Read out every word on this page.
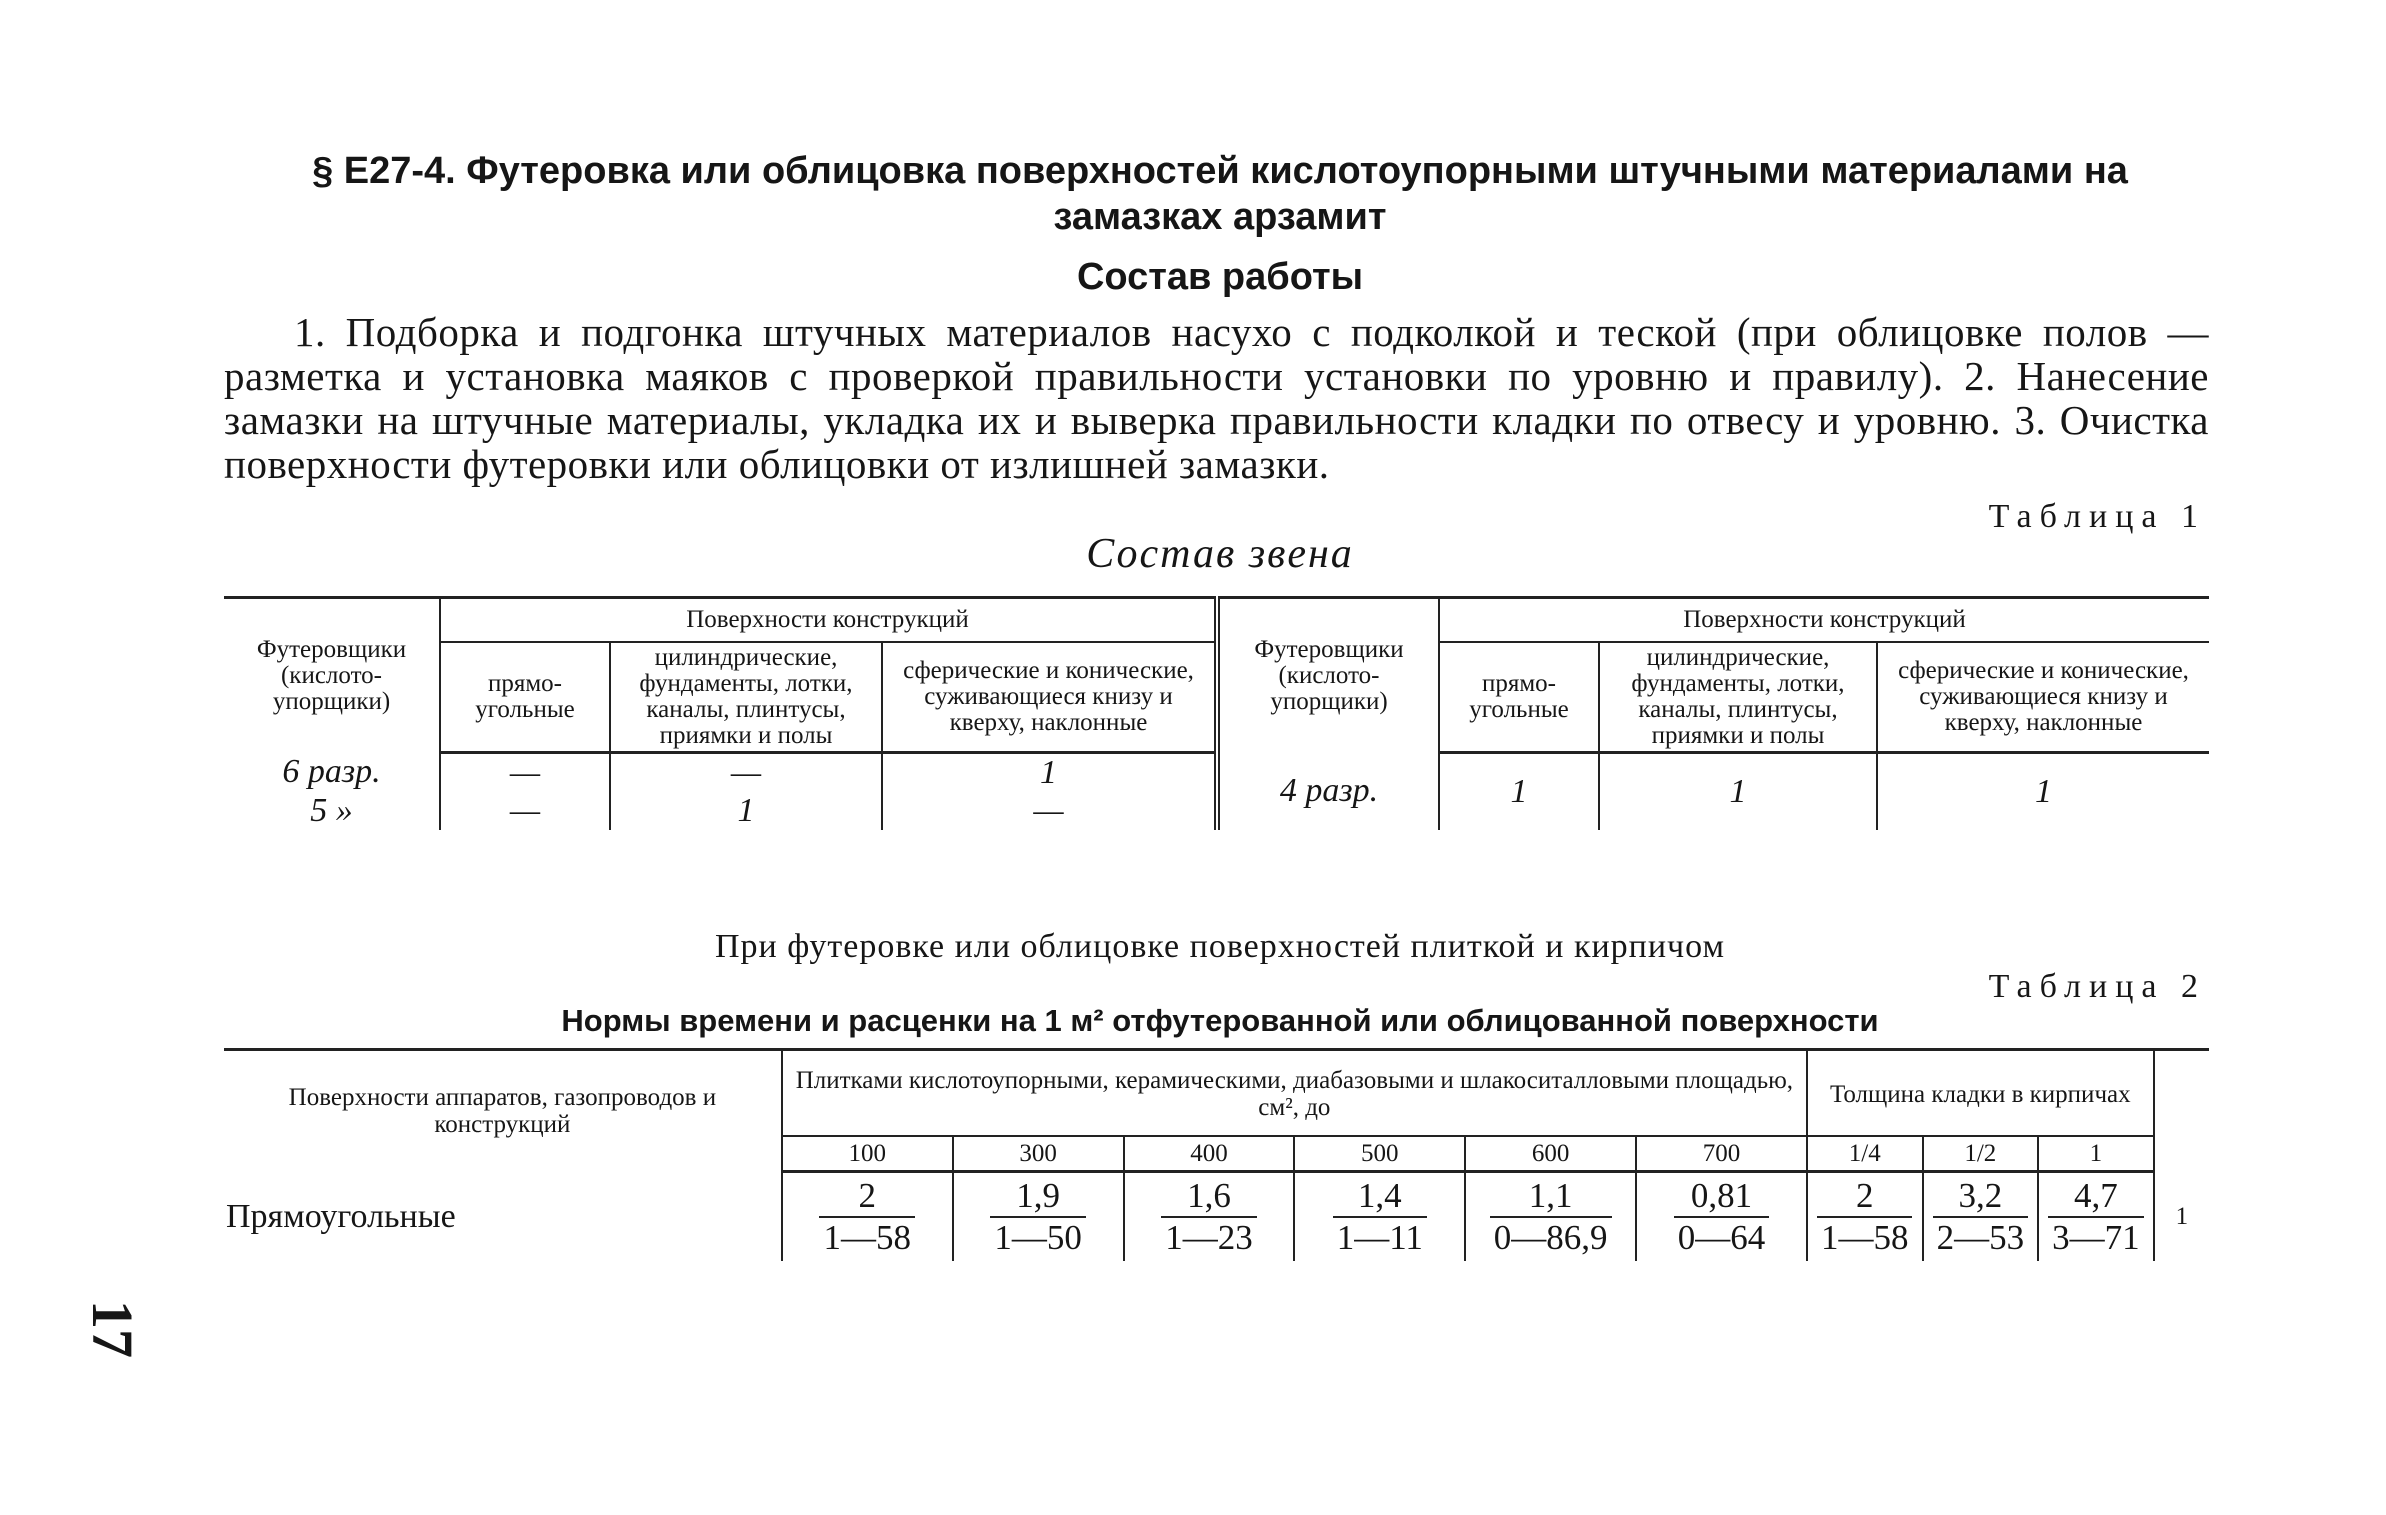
§ Е27-4. Футеровка или облицовка поверхностей кислотоупорными штучными материалами на
замазках арзамит
Состав работы
1. Подборка и подгонка штучных материалов насухо с подколкой и теской (при облицовке полов — разметка и установка маяков с проверкой правильности установки по уровню и правилу). 2. Нанесение замазки на штучные материалы, укладка их и выверка правильности кладки по отвесу и уровню. 3. Очистка поверхности футеровки или облицовки от излишней замазки.
Таблица 1
Состав звена
Футеровщики (кислото-упорщики)	Поверхности конструкций			Футеровщики (кислото-упорщики)	Поверхности конструкций		
	прямо-угольные	цилиндрические, фундаменты, лотки, каналы, плинтусы, приямки и полы	сферические и конические, суживающиеся книзу и кверху, наклонные		прямо-угольные	цилиндрические, фундаменты, лотки, каналы, плинтусы, приямки и полы	сферические и конические, суживающиеся книзу и кверху, наклонные
6 разр.	—	—	1	4 разр.	1	1	1
5 »	—	1	—				
При футеровке или облицовке поверхностей плиткой и кирпичом
Таблица 2
Нормы времени и расценки на 1 м² отфутерованной или облицованной поверхности
Поверхности аппаратов, газопроводов и конструкций	Плитками кислотоупорными, керамическими, диабазовыми и шлакоситалловыми площадью, см², до						Толщина кладки в кирпичах			
	100	300	400	500	600	700	1/4	1/2	1	
Прямоугольные	$\frac{2}{1—58}$	$\frac{1,9}{1—50}$	$\frac{1,6}{1—23}$	$\frac{1,4}{1—11}$	$\frac{1,1}{0—86,9}$	$\frac{0,81}{0—64}$	$\frac{2}{1—58}$	$\frac{3,2}{2—53}$	$\frac{4,7}{3—71}$	1
17
